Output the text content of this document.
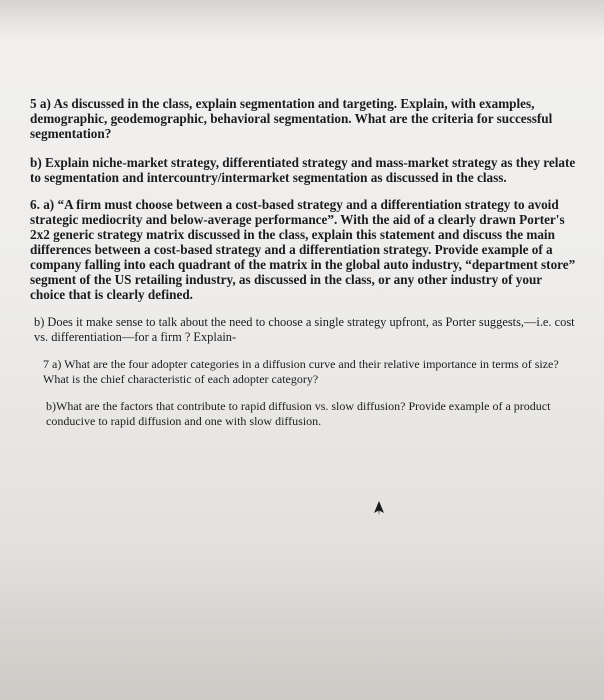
5 a) As discussed in the class, explain segmentation and targeting. Explain, with examples, demographic, geodemographic, behavioral segmentation. What are the criteria for successful segmentation?

b) Explain niche-market strategy, differentiated strategy and mass-market strategy as they relate to segmentation and intercountry/intermarket segmentation as discussed in the class.

6. a) “A firm must choose between a cost-based strategy and a differentiation strategy to avoid strategic mediocrity and below-average performance”. With the aid of a clearly drawn Porter's 2x2 generic strategy matrix discussed in the class, explain this statement and discuss the main differences between a cost-based strategy and a differentiation strategy. Provide example of a company falling into each quadrant of the matrix in the global auto industry, “department store” segment of the US retailing industry, as discussed in the class, or any other industry of your choice that is clearly defined.

b) Does it make sense to talk about the need to choose a single strategy upfront, as Porter suggests,—i.e. cost vs. differentiation—for a firm ? Explain-

7 a) What are the four adopter categories in a diffusion curve and their relative importance in terms of size? What is the chief characteristic of each adopter category?

b)What are the factors that contribute to rapid diffusion vs. slow diffusion? Provide example of a product conducive to rapid diffusion and one with slow diffusion.
